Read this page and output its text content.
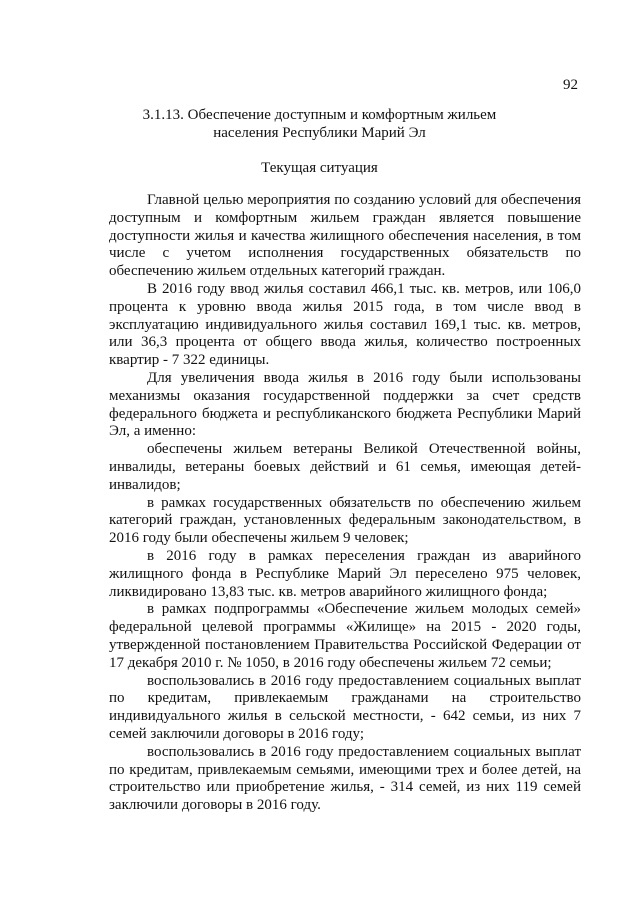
92
3.1.13. Обеспечение доступным и комфортным жильем
населения Республики Марий Эл
Текущая ситуация

Главной целью мероприятия по созданию условий для обеспечения доступным и комфортным жильем граждан является повышение доступности жилья и качества жилищного обеспечения населения, в том числе с учетом исполнения государственных обязательств по обеспечению жильем отдельных категорий граждан.

В 2016 году ввод жилья составил 466,1 тыс. кв. метров, или 106,0 процента к уровню ввода жилья 2015 года, в том числе ввод в эксплуатацию индивидуального жилья составил 169,1 тыс. кв. метров, или 36,3 процента от общего ввода жилья, количество построенных квартир - 7 322 единицы.

Для увеличения ввода жилья в 2016 году были использованы механизмы оказания государственной поддержки за счет средств федерального бюджета и республиканского бюджета Республики Марий Эл, а именно:

обеспечены жильем ветераны Великой Отечественной войны, инвалиды, ветераны боевых действий и 61 семья, имеющая детей-инвалидов;

в рамках государственных обязательств по обеспечению жильем категорий граждан, установленных федеральным законодательством, в 2016 году были обеспечены жильем 9 человек;

в 2016 году в рамках переселения граждан из аварийного жилищного фонда в Республике Марий Эл переселено 975 человек, ликвидировано 13,83 тыс. кв. метров аварийного жилищного фонда;

в рамках подпрограммы «Обеспечение жильем молодых семей» федеральной целевой программы «Жилище» на 2015 - 2020 годы, утвержденной постановлением Правительства Российской Федерации от 17 декабря 2010 г. № 1050, в 2016 году обеспечены жильем 72 семьи;

воспользовались в 2016 году предоставлением социальных выплат по кредитам, привлекаемым гражданами на строительство индивидуального жилья в сельской местности, - 642 семьи, из них 7 семей заключили договоры в 2016 году;

воспользовались в 2016 году предоставлением социальных выплат по кредитам, привлекаемым семьями, имеющими трех и более детей, на строительство или приобретение жилья, - 314 семей, из них 119 семей заключили договоры в 2016 году.
